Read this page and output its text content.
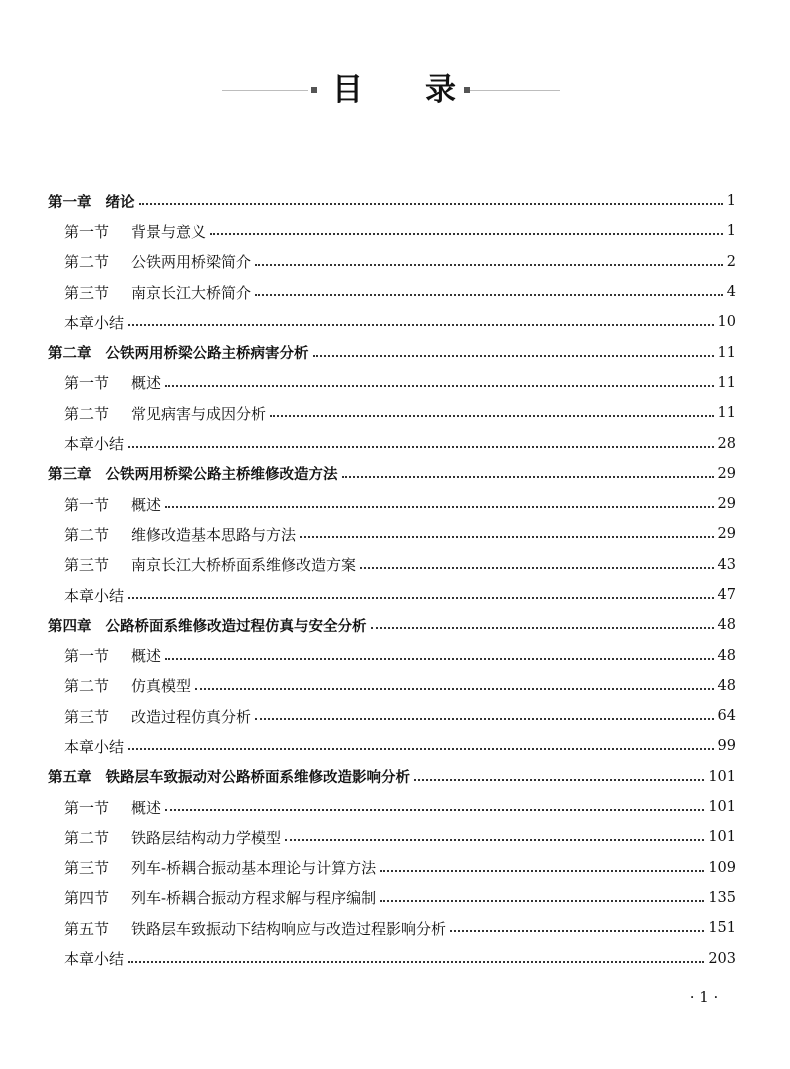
目 录
第一章 绪论	1
第一节 背景与意义	1
第二节 公铁两用桥梁简介	2
第三节 南京长江大桥简介	4
本章小结	10
第二章 公铁两用桥梁公路主桥病害分析	11
第一节 概述	11
第二节 常见病害与成因分析	11
本章小结	28
第三章 公铁两用桥梁公路主桥维修改造方法	29
第一节 概述	29
第二节 维修改造基本思路与方法	29
第三节 南京长江大桥桥面系维修改造方案	43
本章小结	47
第四章 公路桥面系维修改造过程仿真与安全分析	48
第一节 概述	48
第二节 仿真模型	48
第三节 改造过程仿真分析	64
本章小结	99
第五章 铁路层车致振动对公路桥面系维修改造影响分析	101
第一节 概述	101
第二节 铁路层结构动力学模型	101
第三节 列车-桥耦合振动基本理论与计算方法	109
第四节 列车-桥耦合振动方程求解与程序编制	135
第五节 铁路层车致振动下结构响应与改造过程影响分析	151
本章小结	203
· 1 ·
